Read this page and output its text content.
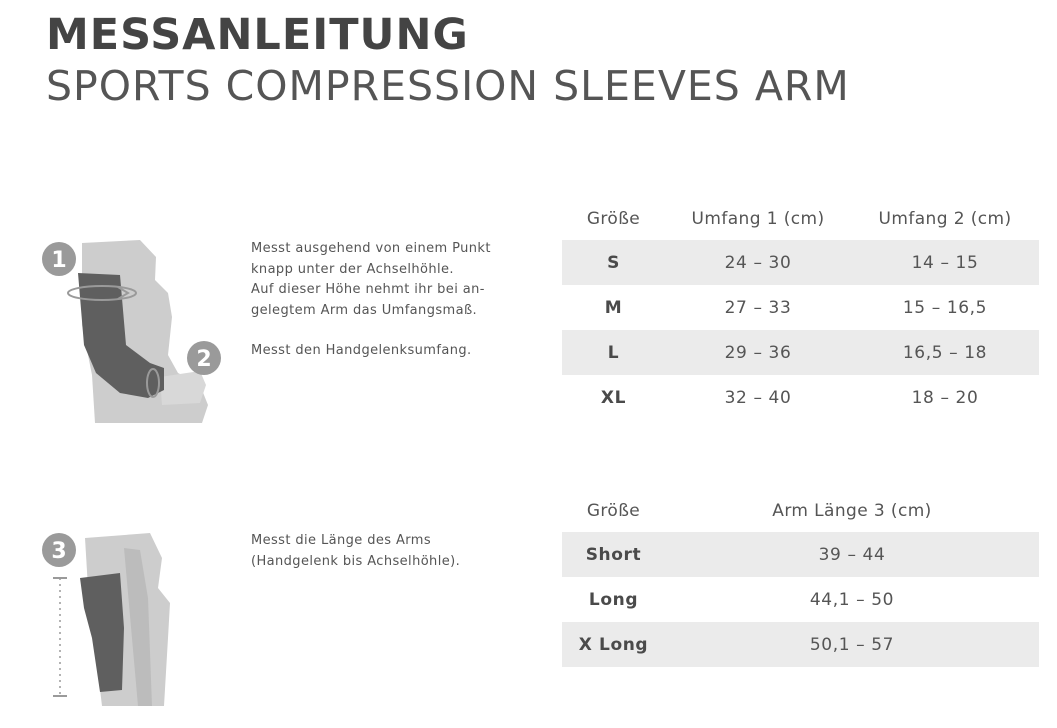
MESSANLEITUNG
SPORTS COMPRESSION SLEEVES ARM
1
2
3

Messt ausgehend von einem Punkt

knapp unter der Achselhöhle.

Auf dieser Höhe nehmt ihr bei an-

gelegtem Arm das Umfangsmaß.

Messt den Handgelenksumfang.

Messt die Länge des Arms

(Handgelenk bis Achselhöhle).

Größe	Umfang 1 (cm)	Umfang 2 (cm)
S	24 – 30	14 – 15
M	27 – 33	15 – 16,5
L	29 – 36	16,5 – 18
XL	32 – 40	18 – 20
Größe	Arm Länge 3 (cm)
Short	39 – 44
Long	44,1 – 50
X Long	50,1 – 57
